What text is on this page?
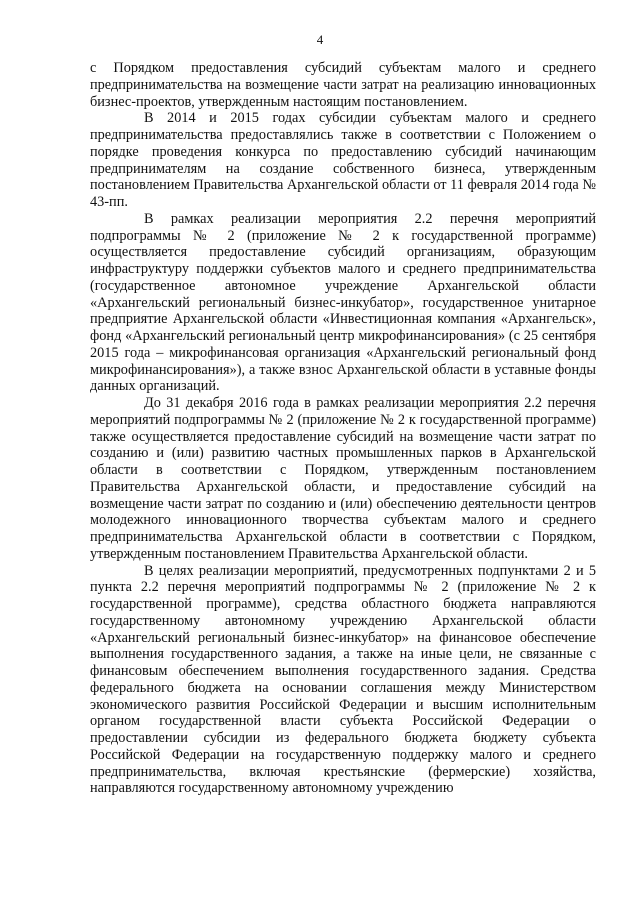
4

с Порядком предоставления субсидий субъектам малого и среднего предпринимательства на возмещение части затрат на реализацию инновационных бизнес-проектов, утвержденным настоящим постановлением.

В 2014 и 2015 годах субсидии субъектам малого и среднего предпринимательства предоставлялись также в соответствии с Положением о порядке проведения конкурса по предоставлению субсидий начинающим предпринимателям на создание собственного бизнеса, утвержденным постановлением Правительства Архангельской области от 11 февраля 2014 года № 43-пп.

В рамках реализации мероприятия 2.2 перечня мероприятий подпрограммы № 2 (приложение № 2 к государственной программе) осуществляется предоставление субсидий организациям, образующим инфраструктуру поддержки субъектов малого и среднего предпринимательства (государственное автономное учреждение Архангельской области «Архангельский региональный бизнес-инкубатор», государственное унитарное предприятие Архангельской области «Инвестиционная компания «Архангельск», фонд «Архангельский региональный центр микрофинансирования» (с 25 сентября 2015 года – микрофинансовая организация «Архангельский региональный фонд микрофинансирования»), а также взнос Архангельской области в уставные фонды данных организаций.

До 31 декабря 2016 года в рамках реализации мероприятия 2.2 перечня мероприятий подпрограммы № 2 (приложение № 2 к государственной программе) также осуществляется предоставление субсидий на возмещение части затрат по созданию и (или) развитию частных промышленных парков в Архангельской области в соответствии с Порядком, утвержденным постановлением Правительства Архангельской области, и предоставление субсидий на возмещение части затрат по созданию и (или) обеспечению деятельности центров молодежного инновационного творчества субъектам малого и среднего предпринимательства Архангельской области в соответствии с Порядком, утвержденным постановлением Правительства Архангельской области.

В целях реализации мероприятий, предусмотренных подпунктами 2 и 5 пункта 2.2 перечня мероприятий подпрограммы № 2 (приложение № 2 к государственной программе), средства областного бюджета направляются государственному автономному учреждению Архангельской области «Архангельский региональный бизнес-инкубатор» на финансовое обеспечение выполнения государственного задания, а также на иные цели, не связанные с финансовым обеспечением выполнения государственного задания. Средства федерального бюджета на основании соглашения между Министерством экономического развития Российской Федерации и высшим исполнительным органом государственной власти субъекта Российской Федерации о предоставлении субсидии из федерального бюджета бюджету субъекта Российской Федерации на государственную поддержку малого и среднего предпринимательства, включая крестьянские (фермерские) хозяйства, направляются государственному автономному учреждению
